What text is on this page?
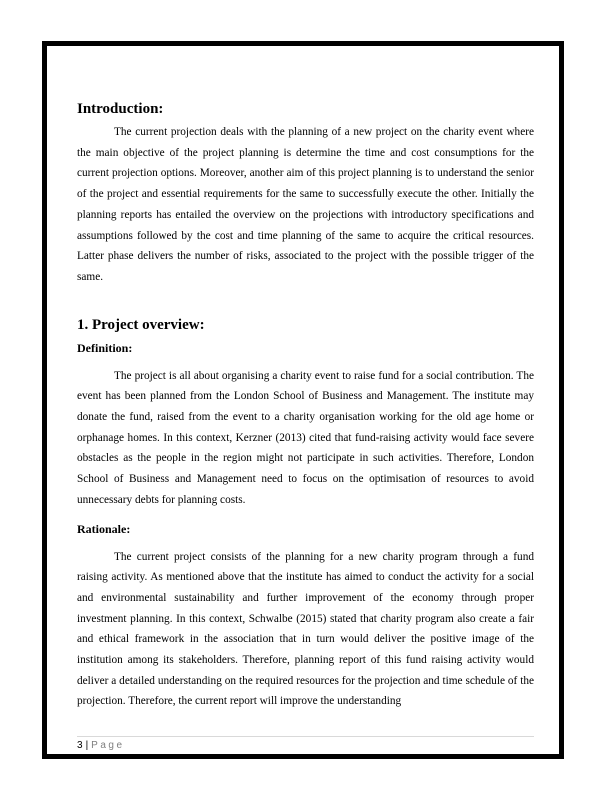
Introduction:

The current projection deals with the planning of a new project on the charity event where the main objective of the project planning is determine the time and cost consumptions for the current projection options. Moreover, another aim of this project planning is to understand the senior of the project and essential requirements for the same to successfully execute the other. Initially the planning reports has entailed the overview on the projections with introductory specifications and assumptions followed by the cost and time planning of the same to acquire the critical resources. Latter phase delivers the number of risks, associated to the project with the possible trigger of the same.

1. Project overview:
Definition:

The project is all about organising a charity event to raise fund for a social contribution. The event has been planned from the London School of Business and Management. The institute may donate the fund, raised from the event to a charity organisation working for the old age home or orphanage homes. In this context, Kerzner (2013) cited that fund-raising activity would face severe obstacles as the people in the region might not participate in such activities. Therefore, London School of Business and Management need to focus on the optimisation of resources to avoid unnecessary debts for planning costs.

Rationale:

The current project consists of the planning for a new charity program through a fund raising activity. As mentioned above that the institute has aimed to conduct the activity for a social and environmental sustainability and further improvement of the economy through proper investment planning. In this context, Schwalbe (2015) stated that charity program also create a fair and ethical framework in the association that in turn would deliver the positive image of the institution among its stakeholders. Therefore, planning report of this fund raising activity would deliver a detailed understanding on the required resources for the projection and time schedule of the projection. Therefore, the current report will improve the understanding

3 | Page
